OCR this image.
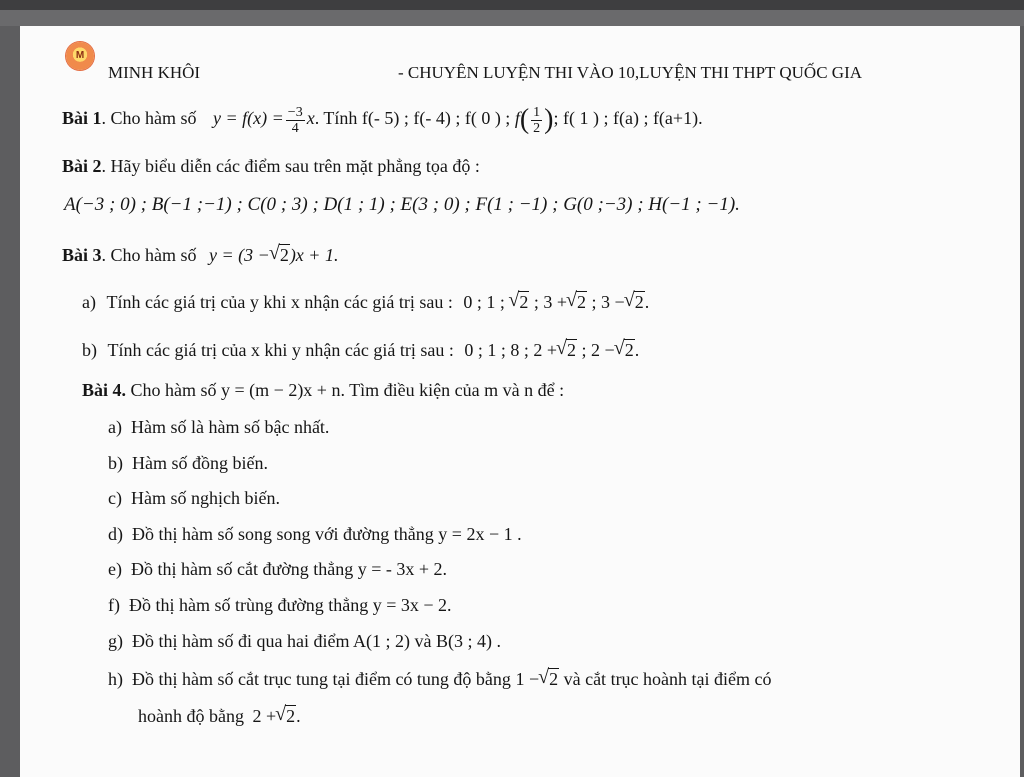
M
MINH KHÔI	- CHUYÊN LUYỆN THI VÀO 10,LUYỆN THI THPT QUỐC GIA
Bài 1. Cho hàm số $y = f(x) = \frac{-3}{4} x$. Tính f(- 5) ; f(- 4) ; f( 0 ) ; $f( \frac{1}{2}$ ); f( 1 ) ; f(a) ; f(a+1).
Bài 2. Hãy biểu diễn các điểm sau trên mặt phẳng tọa độ :
A(−3 ; 0) ; B(−1 ;−1) ; C(0 ; 3) ; D(1 ; 1) ; E(3 ; 0) ; F(1 ; −1) ; G(0 ;−3) ; H(−1 ; −1).
Bài 3. Cho hàm số y = (3 − √ 2)x + 1.
a) Tính các giá trị của y khi x nhận các giá trị sau : 0 ; 1 ; √ 2 ; 3 + √ 2 ; 3 − √ 2.
b) Tính các giá trị của x khi y nhận các giá trị sau : 0 ; 1 ; 8 ; 2 + √ 2 ; 2 − √ 2.
Bài 4. Cho hàm số y = (m − 2)x + n. Tìm điều kiện của m và n để :
a) Hàm số là hàm số bậc nhất.
b) Hàm số đồng biến.
c) Hàm số nghịch biến.
d) Đồ thị hàm số song song với đường thẳng y = 2x − 1 .
e) Đồ thị hàm số cắt đường thẳng y = - 3x + 2.
f) Đồ thị hàm số trùng đường thẳng y = 3x − 2.
g) Đồ thị hàm số đi qua hai điểm A(1 ; 2) và B(3 ; 4) .
h) Đồ thị hàm số cắt trục tung tại điểm có tung độ bằng 1 − √ 2 và cắt trục hoành tại điểm có
hoành độ bằng 2 + √ 2.
